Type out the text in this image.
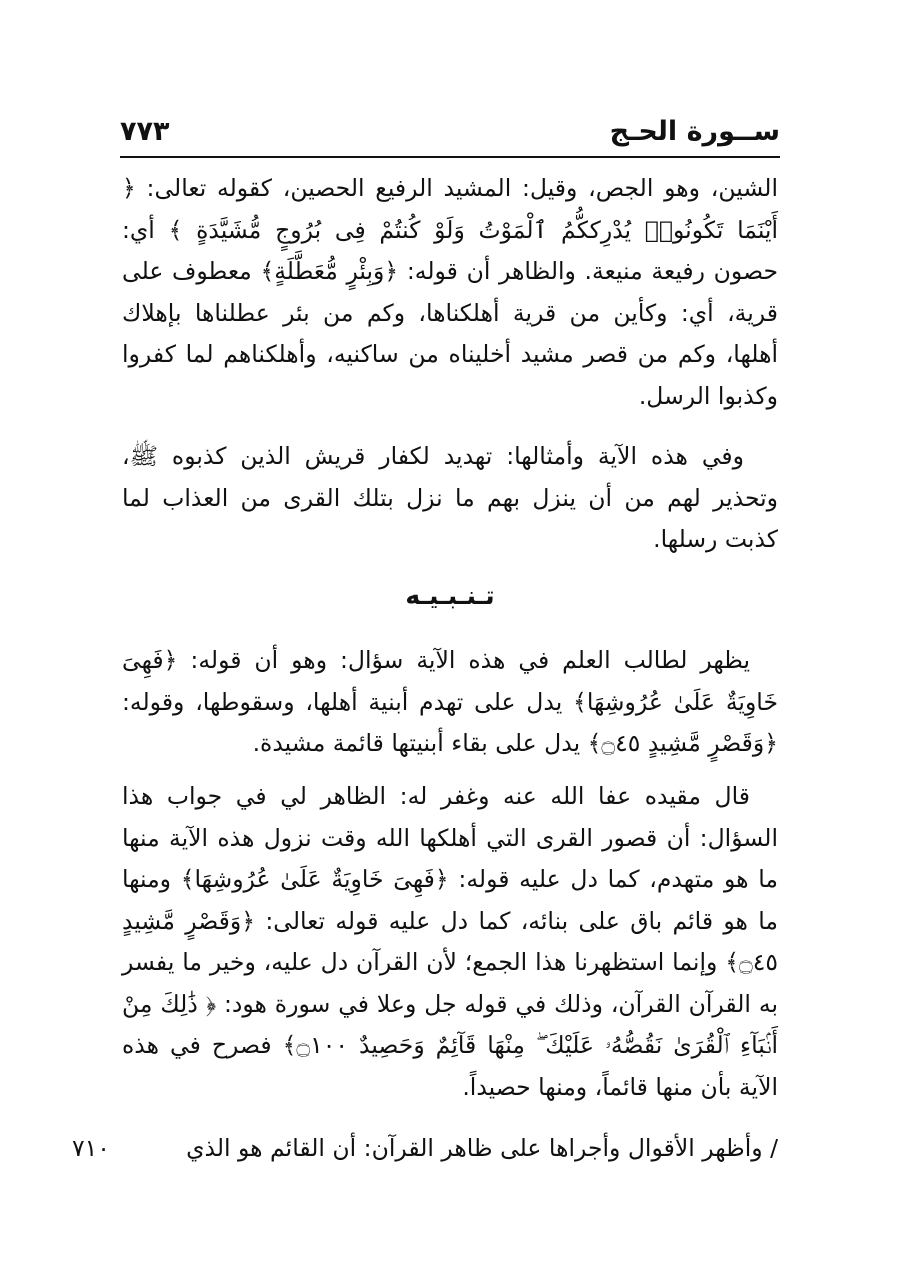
ســورة الحـج
٧٧٣

الشين، وهو الجص، وقيل: المشيد الرفيع الحصين، كقوله تعالى: ﴿ أَيْنَمَا تَكُونُوا۟ يُدْرِككُّمُ ٱلْمَوْتُ وَلَوْ كُنتُمْ فِى بُرُوجٍ مُّشَيَّدَةٍ ﴾ أي: حصون رفيعة منيعة. والظاهر أن قوله: ﴿وَبِئْرٍ مُّعَطَّلَةٍ﴾ معطوف على قرية، أي: وكأين من قرية أهلكناها، وكم من بئر عطلناها بإهلاك أهلها، وكم من قصر مشيد أخليناه من ساكنيه، وأهلكناهم لما كفروا وكذبوا الرسل.

وفي هذه الآية وأمثالها: تهديد لكفار قريش الذين كذبوه ﷺ، وتحذير لهم من أن ينزل بهم ما نزل بتلك القرى من العذاب لما كذبت رسلها.

تـنـبـيـه

يظهر لطالب العلم في هذه الآية سؤال: وهو أن قوله: ﴿فَهِىَ خَاوِيَةٌ عَلَىٰ عُرُوشِهَا﴾ يدل على تهدم أبنية أهلها، وسقوطها، وقوله: ﴿وَقَصْرٍ مَّشِيدٍ ۝٤٥﴾ يدل على بقاء أبنيتها قائمة مشيدة.

قال مقيده عفا الله عنه وغفر له: الظاهر لي في جواب هذا السؤال: أن قصور القرى التي أهلكها الله وقت نزول هذه الآية منها ما هو متهدم، كما دل عليه قوله: ﴿فَهِىَ خَاوِيَةٌ عَلَىٰ عُرُوشِهَا﴾ ومنها ما هو قائم باق على بنائه، كما دل عليه قوله تعالى: ﴿وَقَصْرٍ مَّشِيدٍ ۝٤٥﴾ وإنما استظهرنا هذا الجمع؛ لأن القرآن دل عليه، وخير ما يفسر به القرآن القرآن، وذلك في قوله جل وعلا في سورة هود: ﴿ ذَٰلِكَ مِنْ أَنۢبَآءِ ٱلْقُرَىٰ نَقُصُّهُۥ عَلَيْكَ ۖ مِنْهَا قَآئِمٌ وَحَصِيدٌ ۝١٠٠﴾ فصرح في هذه الآية بأن منها قائماً، ومنها حصيداً.

/ وأظهر الأقوال وأجراها على ظاهر القرآن: أن القائم هو الذي
٧١٠
